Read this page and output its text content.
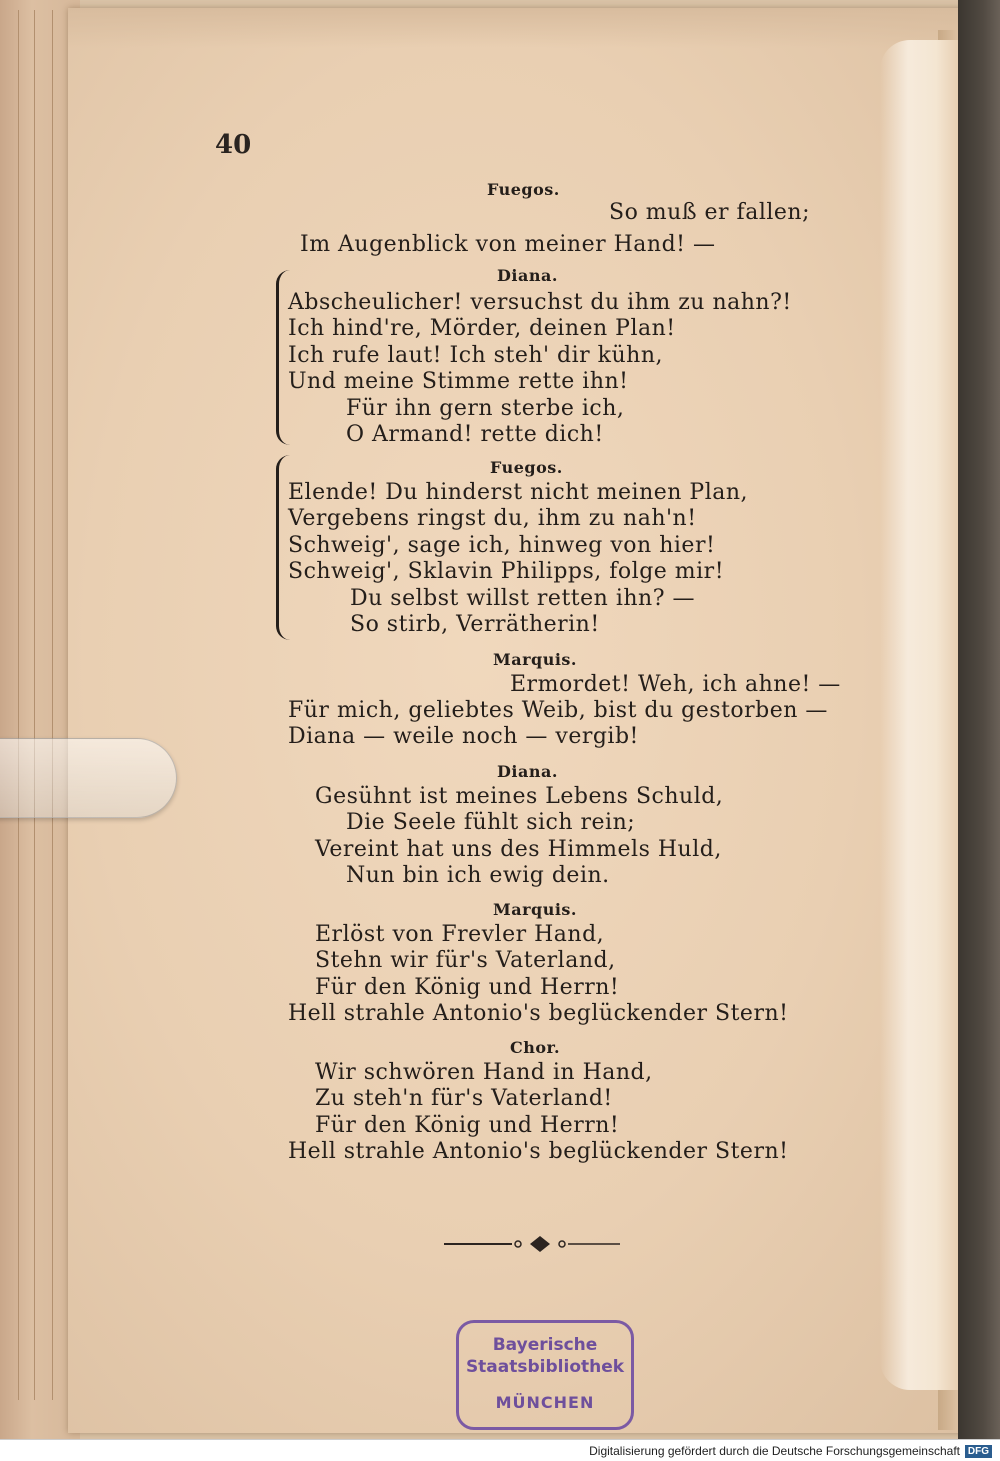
40
Fuegos.
So muß er fallen;
Im Augenblick von meiner Hand! —
Diana.
Abscheulicher! versuchst du ihm zu nahn?!
Ich hind're, Mörder, deinen Plan!
Ich rufe laut! Ich steh' dir kühn,
Und meine Stimme rette ihn!
Für ihn gern sterbe ich,
O Armand! rette dich!
Fuegos.
Elende! Du hinderst nicht meinen Plan,
Vergebens ringst du, ihm zu nah'n!
Schweig', sage ich, hinweg von hier!
Schweig', Sklavin Philipps, folge mir!
Du selbst willst retten ihn? —
So stirb, Verrätherin!
Marquis.
Ermordet! Weh, ich ahne! —
Für mich, geliebtes Weib, bist du gestorben —
Diana — weile noch — vergib!
Diana.
Gesühnt ist meines Lebens Schuld,
Die Seele fühlt sich rein;
Vereint hat uns des Himmels Huld,
Nun bin ich ewig dein.
Marquis.
Erlöst von Frevler Hand,
Stehn wir für's Vaterland,
Für den König und Herrn!
Hell strahle Antonio's beglückender Stern!
Chor.
Wir schwören Hand in Hand,
Zu steh'n für's Vaterland!
Für den König und Herrn!
Hell strahle Antonio's beglückender Stern!
Bayerische
Staatsbibliothek
MÜNCHEN
Digitalisierung gefördert durch die Deutsche Forschungsgemeinschaft DFG
